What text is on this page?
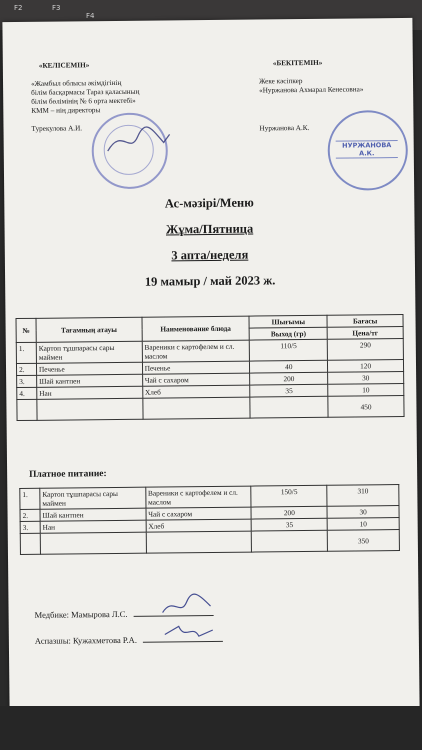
F2	F3
F4
«КЕЛІСЕМІН»
«Жамбыл облысы әкімдігінің
білім басқармасы Тараз қаласының
білім бөлімінің № 6 орта мектебі»
КММ – нің директоры
Турекулова А.И.
«БЕКІТЕМІН»
Жеке кәсіпкер
«Нуржанова Ахмарал Кенесовна»
Нуржанова А.К.
НУРЖАНОВА А.К.
Ас-мәзірі/Меню
Жұма/Пятница
3 апта/неделя
19 мамыр / май 2023 ж.
№	Тағамның атауы	Наименование блюда	Шығымы	Бағасы
			Выход (гр)	Цена/тг
1.	Картоп тұшпарасы сары маймен	Вареники с картофелем и сл. маслом	110/5	290
2.	Печенье	Печенье	40	120
3.	Шай кантпен	Чай с сахаром	200	30
4.	Нан	Хлеб	35	10
				450
Платное питание:
1.	Картоп тұшпарасы сары маймен	Вареники с картофелем и сл. маслом	150/5	310
2.	Шай кантпен	Чай с сахаром	200	30
3.	Нан	Хлеб	35	10
				350
Медбике: Мамырова Л.С.
Аспазшы: Кужахметова Р.А.
